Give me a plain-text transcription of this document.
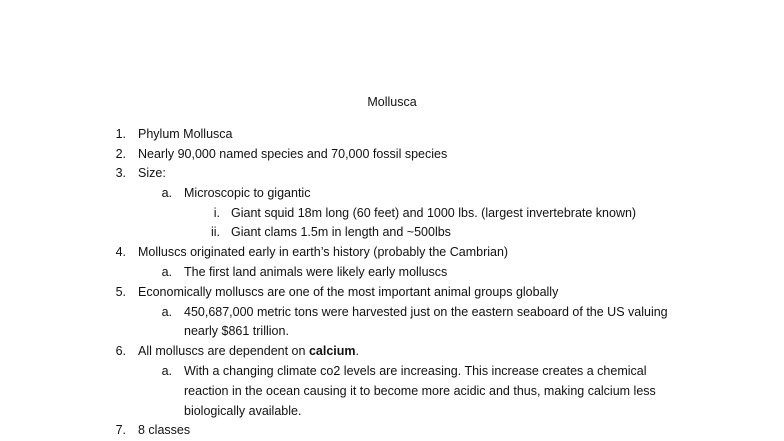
Mollusca
1. Phylum Mollusca
2. Nearly 90,000 named species and 70,000 fossil species
3. Size:
a. Microscopic to gigantic
i. Giant squid 18m long (60 feet) and 1000 lbs. (largest invertebrate known)
ii. Giant clams 1.5m in length and ~500lbs
4. Molluscs originated early in earth’s history (probably the Cambrian)
a. The first land animals were likely early molluscs
5. Economically molluscs are one of the most important animal groups globally
a. 450,687,000 metric tons were harvested just on the eastern seaboard of the US valuing
nearly $861 trillion.
6. All molluscs are dependent on calcium.
a. With a changing climate co2 levels are increasing. This increase creates a chemical
reaction in the ocean causing it to become more acidic and thus, making calcium less
biologically available.
7. 8 classes
